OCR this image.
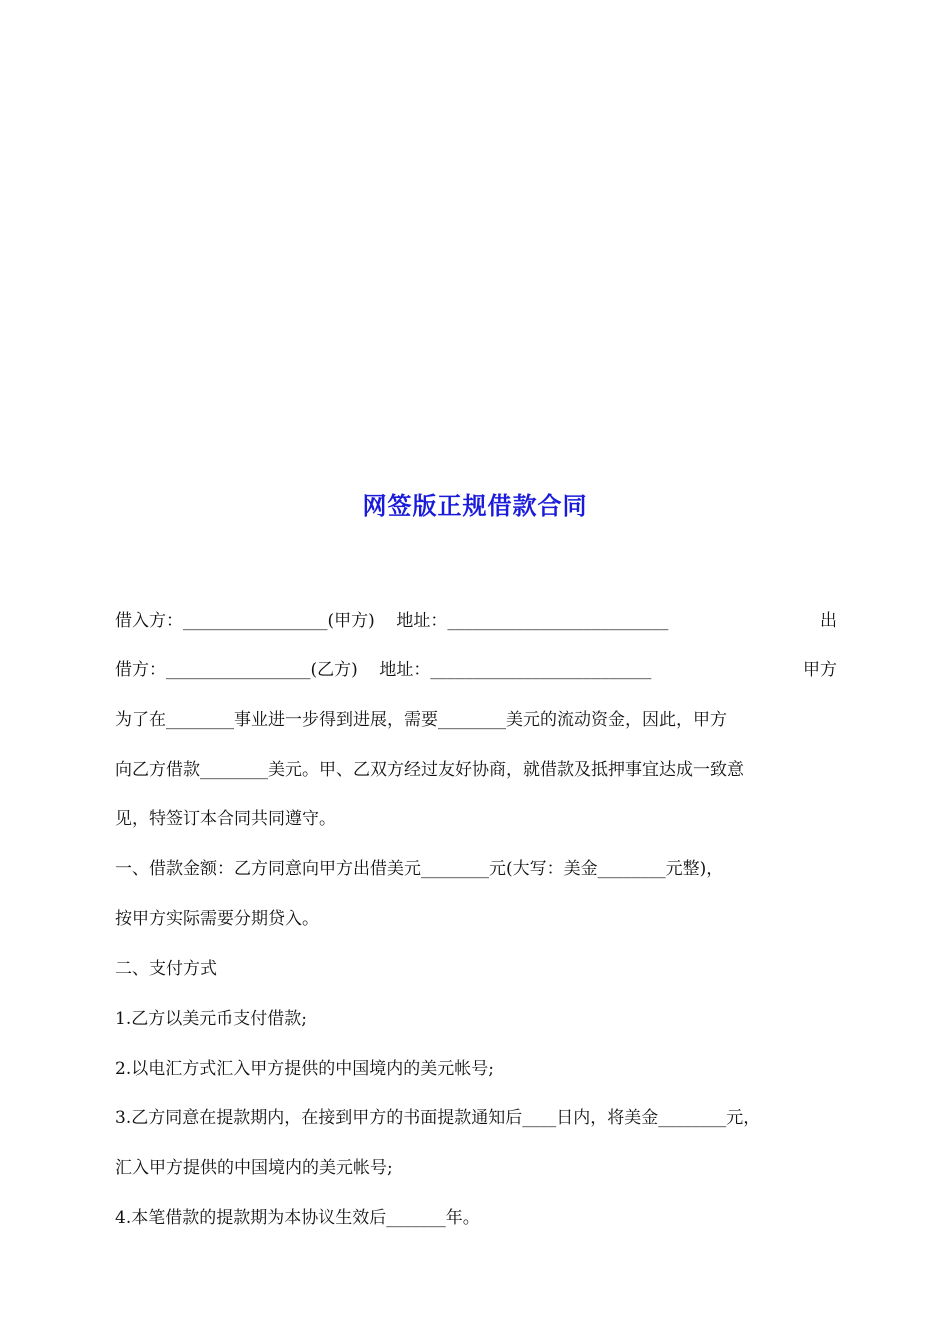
网签版正规借款合同
借入方：_________________(甲方)    地址：__________________________	出
借方：_________________(乙方)    地址：__________________________	甲方
为了在________事业进一步得到进展，需要________美元的流动资金，因此，甲方
向乙方借款________美元。甲、乙双方经过友好协商，就借款及抵押事宜达成一致意
见，特签订本合同共同遵守。
一、借款金额：乙方同意向甲方出借美元________元(大写：美金________元整)，
按甲方实际需要分期贷入。
二、支付方式
1.乙方以美元币支付借款;
2.以电汇方式汇入甲方提供的中国境内的美元帐号;
3.乙方同意在提款期内，在接到甲方的书面提款通知后____日内，将美金________元，
汇入甲方提供的中国境内的美元帐号;
4.本笔借款的提款期为本协议生效后_______年。
